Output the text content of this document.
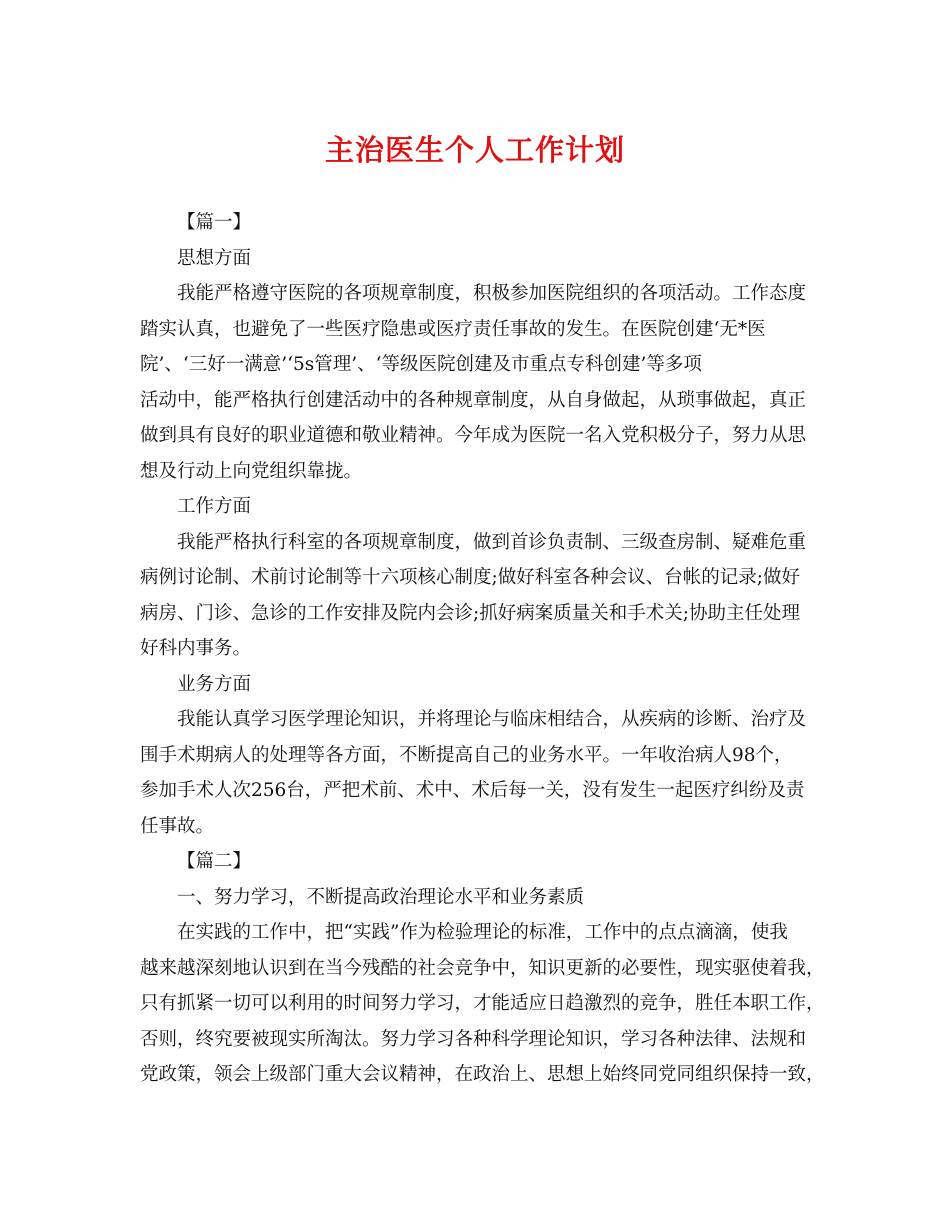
主治医生个人工作计划

【篇一】

思想方面

我能严格遵守医院的各项规章制度，积极参加医院组织的各项活动。工作态度

踏实认真，也避免了一些医疗隐患或医疗责任事故的发生。在医院创建‘无*医

院’、‘三好一满意’‘5s管理’、‘等级医院创建及市重点专科创建’等多项

活动中，能严格执行创建活动中的各种规章制度，从自身做起，从琐事做起，真正

做到具有良好的职业道德和敬业精神。今年成为医院一名入党积极分子，努力从思

想及行动上向党组织靠拢。

工作方面

我能严格执行科室的各项规章制度，做到首诊负责制、三级查房制、疑难危重

病例讨论制、术前讨论制等十六项核心制度;做好科室各种会议、台帐的记录;做好

病房、门诊、急诊的工作安排及院内会诊;抓好病案质量关和手术关;协助主任处理

好科内事务。

业务方面

我能认真学习医学理论知识，并将理论与临床相结合，从疾病的诊断、治疗及

围手术期病人的处理等各方面，不断提高自己的业务水平。一年收治病人98个，

参加手术人次256台，严把术前、术中、术后每一关，没有发生一起医疗纠纷及责

任事故。

【篇二】

一、努力学习，不断提高政治理论水平和业务素质

在实践的工作中，把“实践”作为检验理论的标准，工作中的点点滴滴，使我

越来越深刻地认识到在当今残酷的社会竞争中，知识更新的必要性，现实驱使着我，

只有抓紧一切可以利用的时间努力学习，才能适应日趋激烈的竞争，胜任本职工作，

否则，终究要被现实所淘汰。努力学习各种科学理论知识，学习各种法律、法规和

党政策，领会上级部门重大会议精神，在政治上、思想上始终同党同组织保持一致，
